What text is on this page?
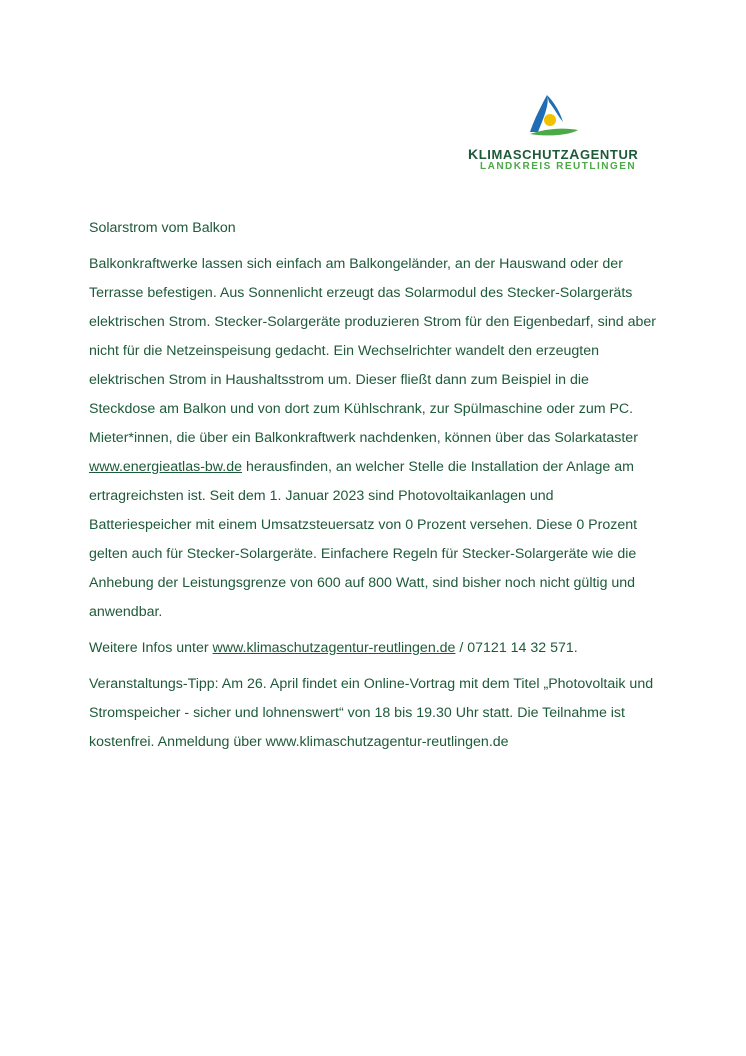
KLIMASCHUTZAGENTUR
LANDKREIS REUTLINGEN

Solarstrom vom Balkon

Balkonkraftwerke lassen sich einfach am Balkongeländer, an der Hauswand oder der Terrasse befestigen. Aus Sonnenlicht erzeugt das Solarmodul des Stecker-Solargeräts elektrischen Strom. Stecker-Solargeräte produzieren Strom für den Eigenbedarf, sind aber nicht für die Netzeinspeisung gedacht. Ein Wechselrichter wandelt den erzeugten elektrischen Strom in Haushaltsstrom um. Dieser fließt dann zum Beispiel in die Steckdose am Balkon und von dort zum Kühlschrank, zur Spülmaschine oder zum PC. Mieter*innen, die über ein Balkonkraftwerk nachdenken, können über das Solarkataster www.energieatlas-bw.de herausfinden, an welcher Stelle die Installation der Anlage am ertragreichsten ist. Seit dem 1. Januar 2023 sind Photovoltaikanlagen und Batteriespeicher mit einem Umsatzsteuersatz von 0 Prozent versehen. Diese 0 Prozent gelten auch für Stecker-Solargeräte. Einfachere Regeln für Stecker-Solargeräte wie die Anhebung der Leistungsgrenze von 600 auf 800 Watt, sind bisher noch nicht gültig und anwendbar.

Weitere Infos unter www.klimaschutzagentur-reutlingen.de / 07121 14 32 571.

Veranstaltungs-Tipp: Am 26. April findet ein Online-Vortrag mit dem Titel „Photovoltaik und Stromspeicher - sicher und lohnenswert“ von 18 bis 19.30 Uhr statt. Die Teilnahme ist kostenfrei. Anmeldung über www.klimaschutzagentur-reutlingen.de
